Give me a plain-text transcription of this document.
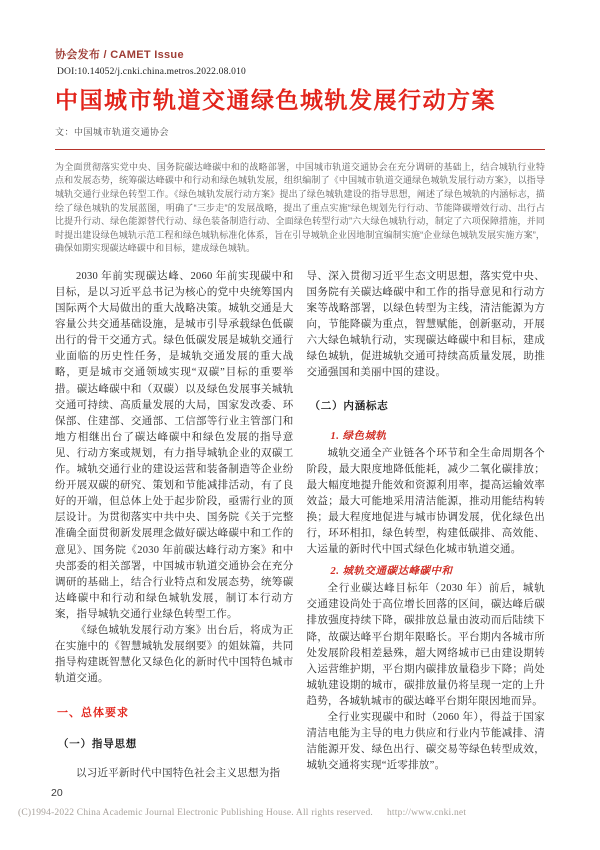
协会发布 / CAMET Issue
DOI:10.14052/j.cnki.china.metros.2022.08.010
中国城市轨道交通绿色城轨发展行动方案
文：中国城市轨道交通协会

为全面贯彻落实党中央、国务院碳达峰碳中和的战略部署，中国城市轨道交通协会在充分调研的基础上，结合城轨行业特点和发展态势，统筹碳达峰碳中和行动和绿色城轨发展，组织编制了《中国城市轨道交通绿色城轨发展行动方案》，以指导城轨交通行业绿色转型工作。《绿色城轨发展行动方案》提出了绿色城轨建设的指导思想，阐述了绿色城轨的内涵标志，描绘了绿色城轨的发展蓝图，明确了“三步走”的发展战略，提出了重点实施“绿色规划先行行动、节能降碳增效行动、出行占比提升行动、绿色能源替代行动、绿色装备制造行动、全面绿色转型行动”六大绿色城轨行动，制定了六项保障措施，并同时提出建设绿色城轨示范工程和绿色城轨标准化体系，旨在引导城轨企业因地制宜编制实施“企业绿色城轨发展实施方案”，确保如期实现碳达峰碳中和目标，建成绿色城轨。

2030 年前实现碳达峰、2060 年前实现碳中和目标，是以习近平总书记为核心的党中央统筹国内国际两个大局做出的重大战略决策。城轨交通是大容量公共交通基础设施，是城市引导承载绿色低碳出行的骨干交通方式。绿色低碳发展是城轨交通行业面临的历史性任务，是城轨交通发展的重大战略，更是城市交通领域实现“双碳”目标的重要举措。碳达峰碳中和（双碳）以及绿色发展事关城轨交通可持续、高质量发展的大局，国家发改委、环保部、住建部、交通部、工信部等行业主管部门和地方相继出台了碳达峰碳中和绿色发展的指导意见、行动方案或规划，有力指导城轨企业的双碳工作。城轨交通行业的建设运营和装备制造等企业纷纷开展双碳的研究、策划和节能减排活动，有了良好的开端，但总体上处于起步阶段，亟需行业的顶层设计。为贯彻落实中共中央、国务院《关于完整准确全面贯彻新发展理念做好碳达峰碳中和工作的意见》、国务院《2030 年前碳达峰行动方案》和中央部委的相关部署，中国城市轨道交通协会在充分调研的基础上，结合行业特点和发展态势，统筹碳达峰碳中和行动和绿色城轨发展，制订本行动方案，指导城轨交通行业绿色转型工作。

《绿色城轨发展行动方案》出台后，将成为正在实施中的《智慧城轨发展纲要》的姐妹篇，共同指导构建既智慧化又绿色化的新时代中国特色城市轨道交通。

一、总体要求
（一）指导思想

以习近平新时代中国特色社会主义思想为指

导、深入贯彻习近平生态文明思想，落实党中央、国务院有关碳达峰碳中和工作的指导意见和行动方案等战略部署，以绿色转型为主线，清洁能源为方向，节能降碳为重点，智慧赋能，创新驱动，开展六大绿色城轨行动，实现碳达峰碳中和目标，建成绿色城轨，促进城轨交通可持续高质量发展，助推交通强国和美丽中国的建设。

（二）内涵标志
1. 绿色城轨

城轨交通全产业链各个环节和全生命周期各个阶段，最大限度地降低能耗，减少二氧化碳排放；最大幅度地提升能效和资源利用率，提高运输效率效益；最大可能地采用清洁能源，推动用能结构转换；最大程度地促进与城市协调发展，优化绿色出行，环环相扣，绿色转型，构建低碳排、高效能、大运量的新时代中国式绿色化城市轨道交通。

2. 城轨交通碳达峰碳中和

全行业碳达峰目标年（2030 年）前后，城轨交通建设尚处于高位增长回落的区间，碳达峰后碳排放强度持续下降，碳排放总量由波动而后陆续下降，故碳达峰平台期年限略长。平台期内各城市所处发展阶段相差悬殊，超大网络城市已由建设期转入运营维护期，平台期内碳排放量稳步下降；尚处城轨建设期的城市，碳排放量仍将呈现一定的上升趋势，各城轨城市的碳达峰平台期年限因地而异。

全行业实现碳中和时（2060 年），得益于国家清洁电能为主导的电力供应和行业内节能减排、清洁能源开发、绿色出行、碳交易等绿色转型成效，城轨交通将实现“近零排放”。

20
(C)1994-2022 China Academic Journal Electronic Publishing House. All rights reserved. http://www.cnki.net
